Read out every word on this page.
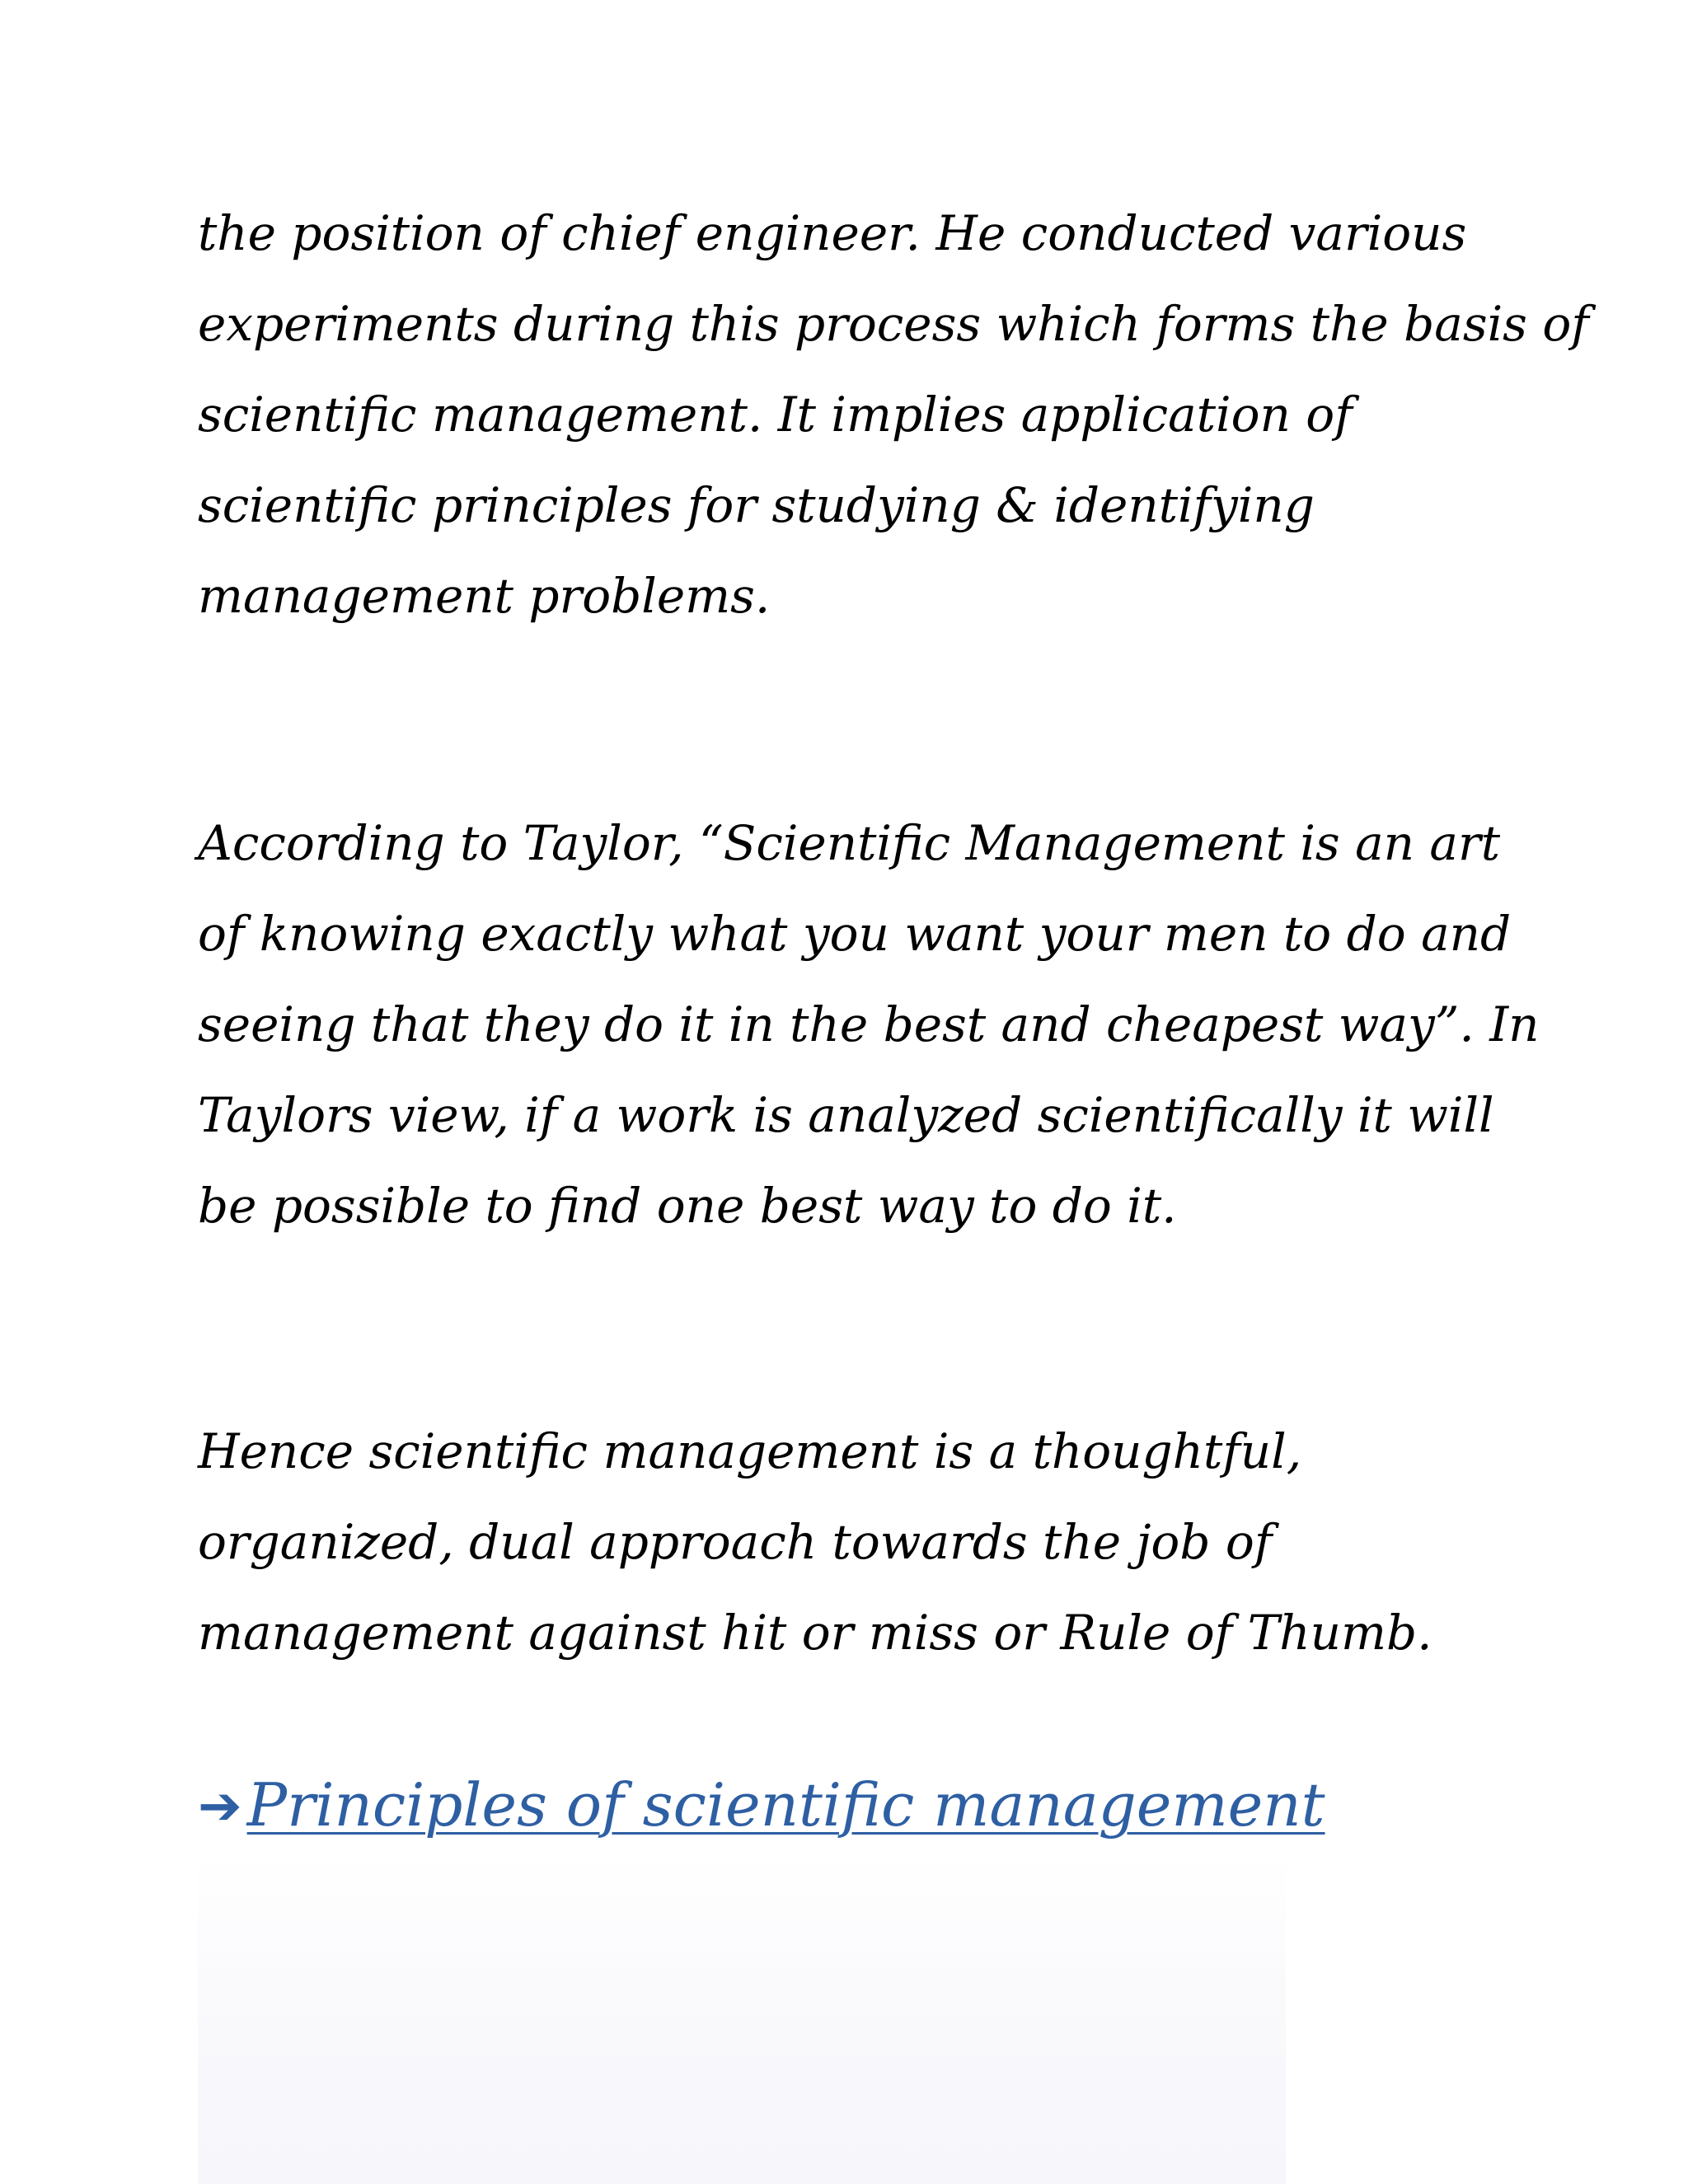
the position of chief engineer. He conducted various
experiments during this process which forms the basis of
scientific management. It implies application of
scientific principles for studying & identifying
management problems.
According to Taylor, “Scientific Management is an art
of knowing exactly what you want your men to do and
seeing that they do it in the best and cheapest way”. In
Taylors view, if a work is analyzed scientifically it will
be possible to find one best way to do it.
Hence scientific management is a thoughtful,
organized, dual approach towards the job of
management against hit or miss or Rule of Thumb.
➔Principles of scientific management
